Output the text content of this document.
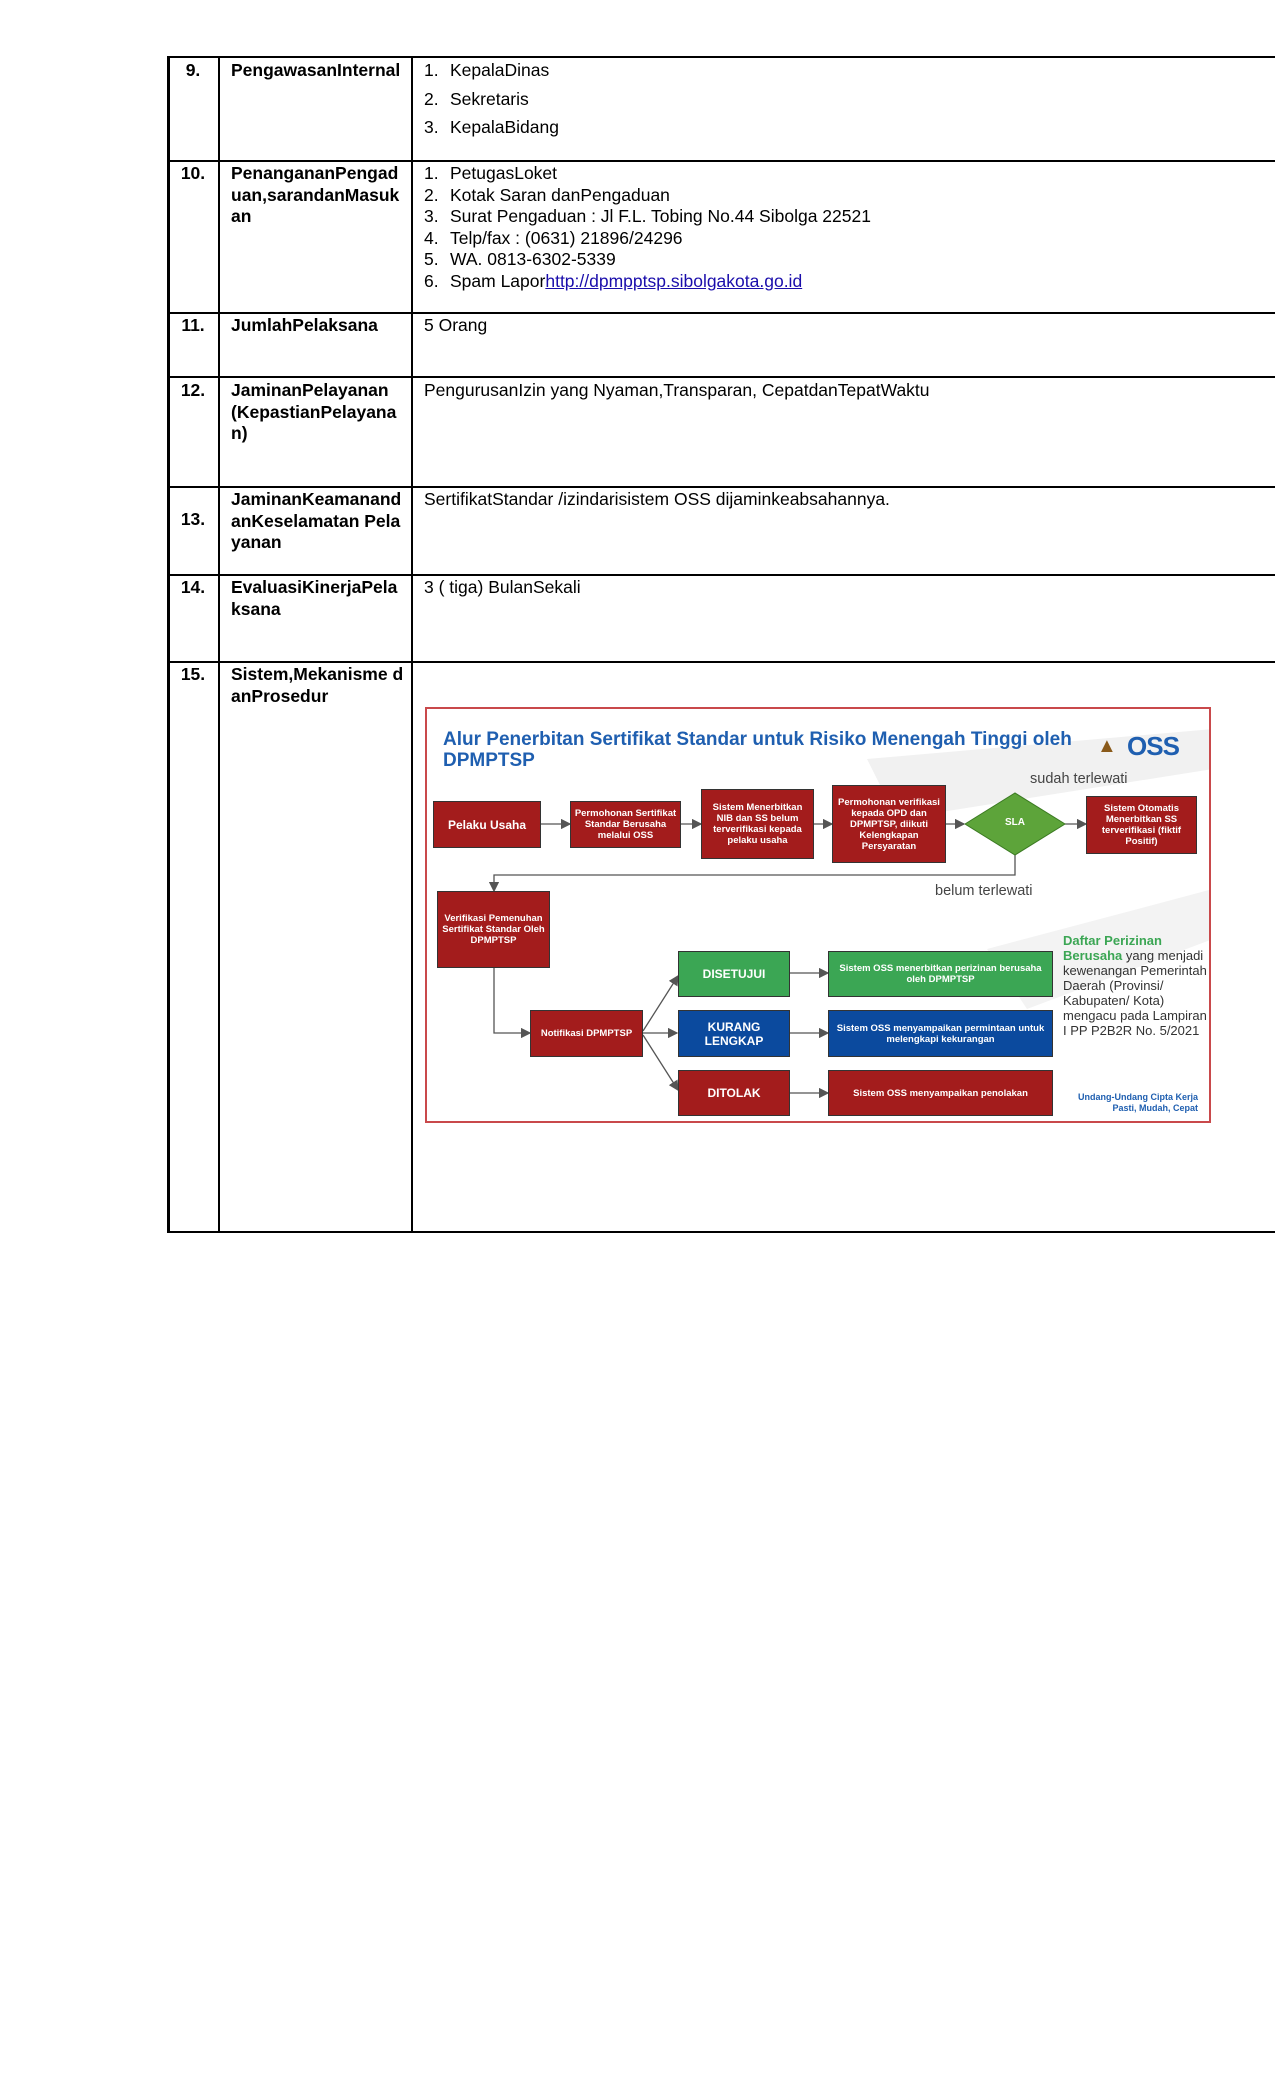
9.	PengawasanInternal	1. KepalaDinas
2. Sekretaris
3. KepalaBidang
10.	PenangananPengaduan,sarandanMasukan
1. PetugasLoket
2. Kotak Saran danPengaduan
3. Surat Pengaduan : Jl F.L. Tobing No.44 Sibolga 22521
4. Telp/fax : (0631) 21896/24296
5. WA. 0813-6302-5339
6. Spam Laporhttp://dpmpptsp.sibolgakota.go.id
11.	JumlahPelaksana	5 Orang
12.	JaminanPelayanan (KepastianPelayanan)
PengurusanIzin yang Nyaman,Transparan, CepatdanTepatWaktu
13.
JaminanKeamanandanKeselamatan Pelayanan
SertifikatStandar /izindarisistem OSS dijaminkeabsahannya.
14.	EvaluasiKinerjaPelaksana
3 ( tiga) BulanSekali
15.	Sistem,Mekanisme danProsedur
Alur Penerbitan Sertifikat Standar untuk Risiko Menengah Tinggi oleh DPMPTSP
▲ OSS
Pelaku Usaha
Permohonan Sertifikat Standar Berusaha melalui OSS
Sistem Menerbitkan NIB dan SS belum terverifikasi kepada pelaku usaha
Permohonan verifikasi kepada OPD dan DPMPTSP, diikuti Kelengkapan Persyaratan
SLA
sudah terlewati
belum terlewati
Sistem Otomatis Menerbitkan SS terverifikasi (fiktif Positif)
Verifikasi Pemenuhan Sertifikat Standar Oleh DPMPTSP
Notifikasi DPMPTSP
DISETUJUI
KURANG LENGKAP
DITOLAK
Sistem OSS menerbitkan perizinan berusaha oleh DPMPTSP
Sistem OSS menyampaikan permintaan untuk melengkapi kekurangan
Sistem OSS menyampaikan penolakan
Daftar Perizinan Berusaha yang menjadi kewenangan Pemerintah Daerah (Provinsi/ Kabupaten/ Kota) mengacu pada Lampiran I PP P2B2R No. 5/2021
Undang-Undang Cipta Kerja
Pasti, Mudah, Cepat
